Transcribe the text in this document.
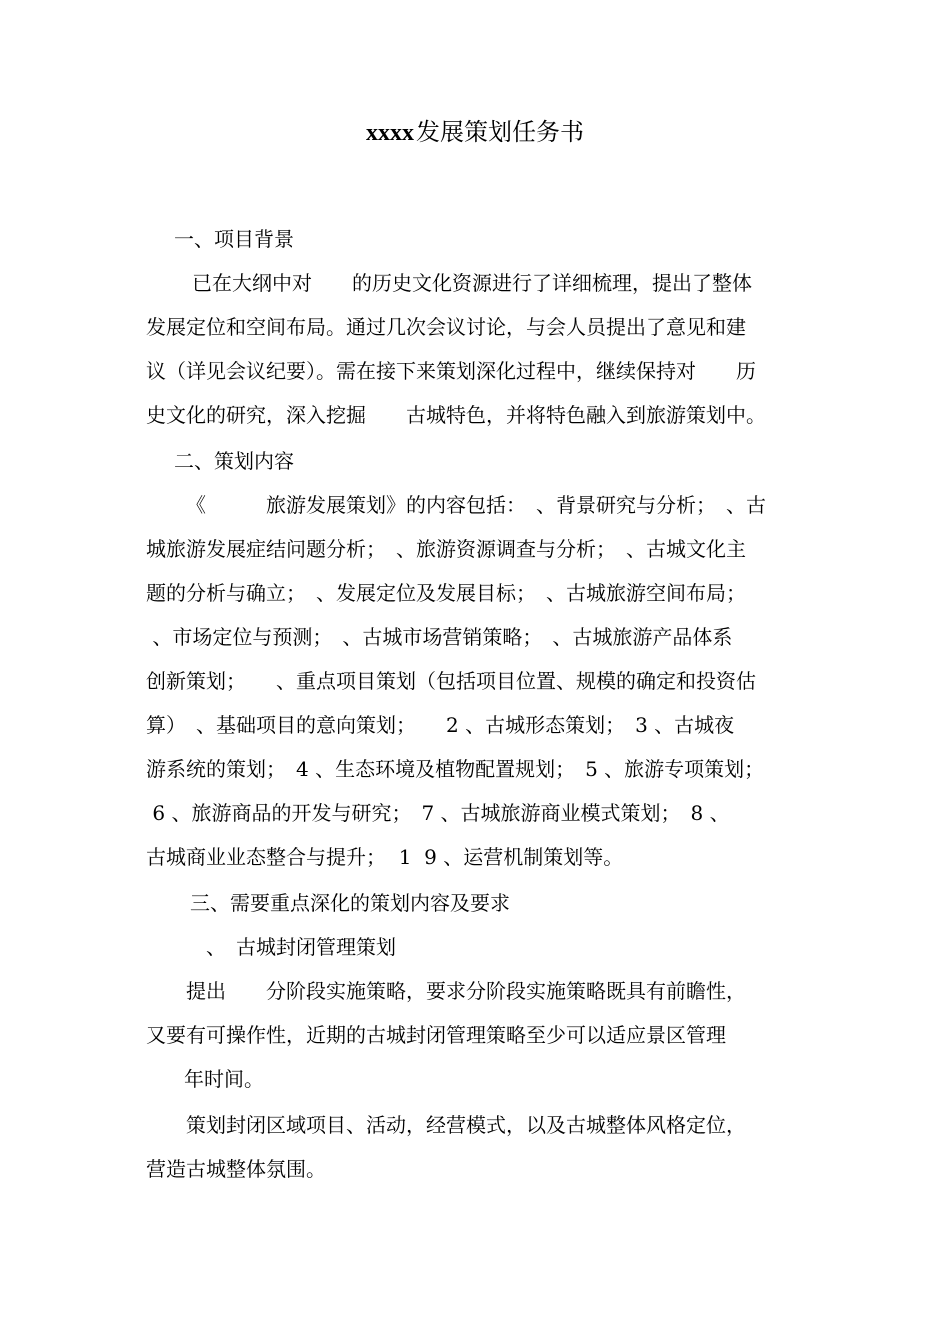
xxxx发展策划任务书
一、项目背景
已在大纲中对　　的历史文化资源进行了详细梳理，提出了整体
发展定位和空间布局。通过几次会议讨论，与会人员提出了意见和建
议（详见会议纪要）。需在接下来策划深化过程中，继续保持对　　历
史文化的研究，深入挖掘　　古城特色，并将特色融入到旅游策划中。
二、策划内容
《　　　旅游发展策划》的内容包括：　、背景研究与分析；　、古
城旅游发展症结问题分析；　、旅游资源调查与分析；　、古城文化主
题的分析与确立；　、发展定位及发展目标；　、古城旅游空间布局；
、市场定位与预测；　、古城市场营销策略；　、古城旅游产品体系
创新策划；　　、重点项目策划（包括项目位置、规模的确定和投资估
算）　、基础项目的意向策划；　　2 、古城形态策划；　3 、古城夜
游系统的策划；　4 、生态环境及植物配置规划；　5 、旅游专项策划；
6 、旅游商品的开发与研究；　7 、古城旅游商业模式策划；　8 、
古城商业业态整合与提升；  1  9 、运营机制策划等。
三、需要重点深化的策划内容及要求
、　古城封闭管理策划
提出　　分阶段实施策略，要求分阶段实施策略既具有前瞻性，
又要有可操作性，近期的古城封闭管理策略至少可以适应景区管理
年时间。
策划封闭区域项目、活动，经营模式，以及古城整体风格定位，
营造古城整体氛围。
